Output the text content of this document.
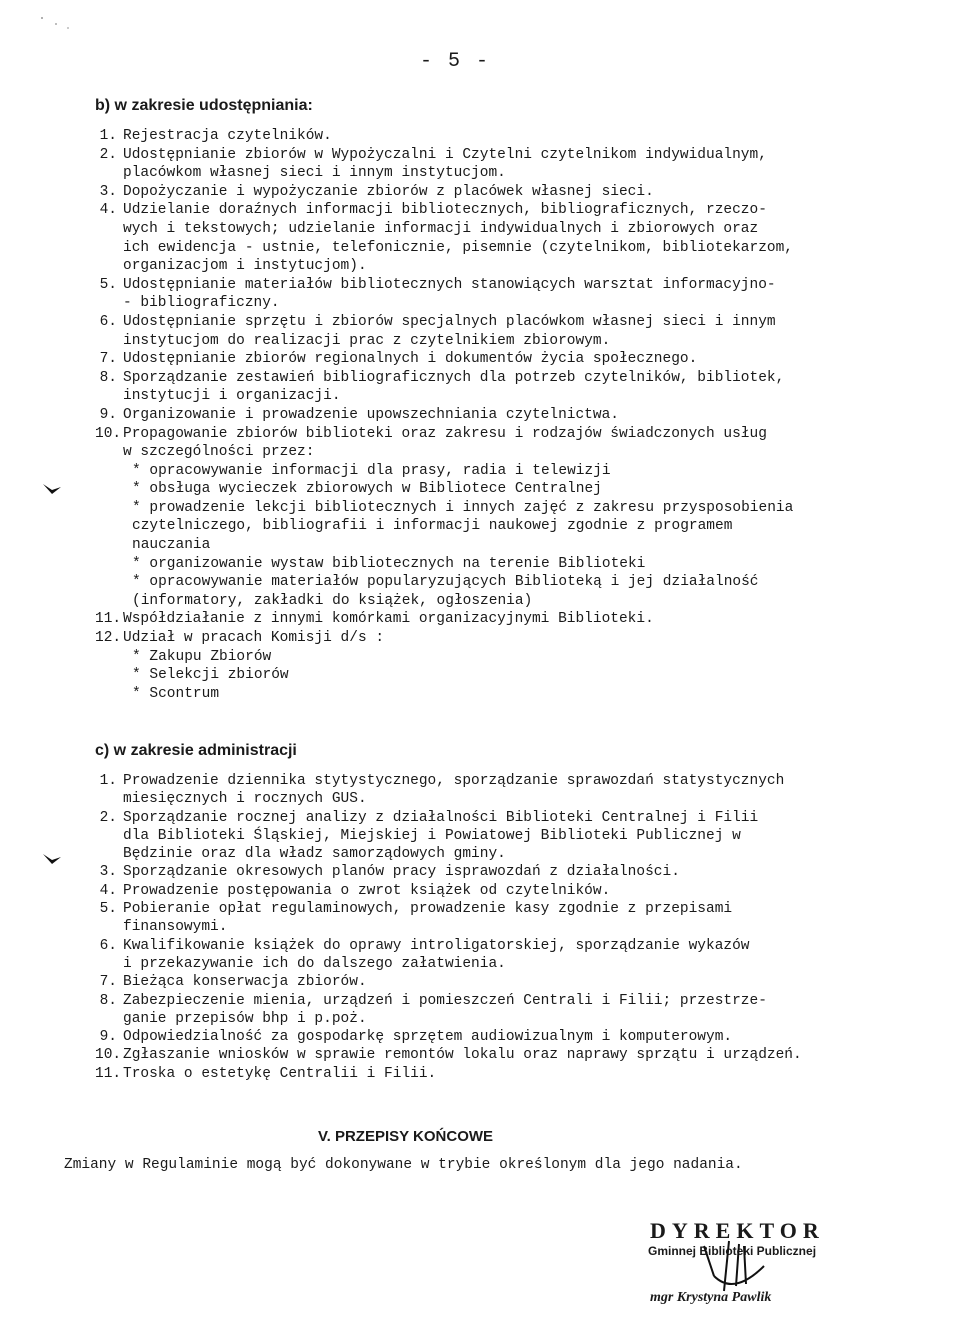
- 5 -
b) w zakresie udostępniania:
1. Rejestracja czytelników.
2. Udostępnianie zbiorów w Wypożyczalni i Czytelni czytelnikom indywidualnym,
placówkom własnej sieci i innym instytucjom.
3. Dopożyczanie i wypożyczanie zbiorów z placówek własnej sieci.
4. Udzielanie doraźnych informacji bibliotecznych, bibliograficznych, rzeczo-
wych i tekstowych; udzielanie informacji indywidualnych i zbiorowych oraz
ich ewidencja - ustnie, telefonicznie, pisemnie (czytelnikom, bibliotekarzom,
organizacjom i instytucjom).
5. Udostępnianie materiałów bibliotecznych stanowiących warsztat informacyjno-
- bibliograficzny.
6. Udostępnianie sprzętu i zbiorów specjalnych placówkom własnej sieci i innym
instytucjom do realizacji prac z czytelnikiem zbiorowym.
7. Udostępnianie zbiorów regionalnych i dokumentów życia społecznego.
8. Sporządzanie zestawień bibliograficznych dla potrzeb czytelników, bibliotek,
instytucji i organizacji.
9. Organizowanie i prowadzenie upowszechniania czytelnictwa.
10. Propagowanie zbiorów biblioteki oraz zakresu i rodzajów świadczonych usług
w szczególności przez:
* opracowywanie informacji dla prasy, radia i telewizji
* obsługa wycieczek zbiorowych w Bibliotece Centralnej
* prowadzenie lekcji bibliotecznych i innych zajęć z zakresu przysposobienia
czytelniczego, bibliografii i informacji naukowej zgodnie z programem
nauczania
* organizowanie wystaw bibliotecznych na terenie Biblioteki
* opracowywanie materiałów popularyzujących Biblioteką i jej działalność
(informatory, zakładki do książek, ogłoszenia)
11. Współdziałanie z innymi komórkami organizacyjnymi Biblioteki.
12. Udział w pracach Komisji d/s :
* Zakupu Zbiorów
* Selekcji zbiorów
* Scontrum
c) w zakresie administracji
1. Prowadzenie dziennika stytystycznego, sporządzanie sprawozdań statystycznych
miesięcznych i rocznych GUS.
2. Sporządzanie rocznej analizy z działalności Biblioteki Centralnej i Filii
dla Biblioteki Śląskiej, Miejskiej i Powiatowej Biblioteki Publicznej w
Będzinie oraz dla władz samorządowych gminy.
3. Sporządzanie okresowych planów pracy isprawozdań z działalności.
4. Prowadzenie postępowania o zwrot książek od czytelników.
5. Pobieranie opłat regulaminowych, prowadzenie kasy zgodnie z przepisami
finansowymi.
6. Kwalifikowanie książek do oprawy introligatorskiej, sporządzanie wykazów
i przekazywanie ich do dalszego załatwienia.
7. Bieżąca konserwacja zbiorów.
8. Zabezpieczenie mienia, urządzeń i pomieszczeń Centrali i Filii; przestrze-
ganie przepisów bhp i p.poż.
9. Odpowiedzialność za gospodarkę sprzętem audiowizualnym i komputerowym.
10. Zgłaszanie wniosków w sprawie remontów lokalu oraz naprawy sprzątu i urządzeń.
11. Troska o estetykę Centralii i Filii.
V. PRZEPISY KOŃCOWE
Zmiany w Regulaminie mogą być dokonywane w trybie określonym dla jego nadania.
DYREKTOR
Gminnej Biblioteki Publicznej
mgr Krystyna Pawlik
